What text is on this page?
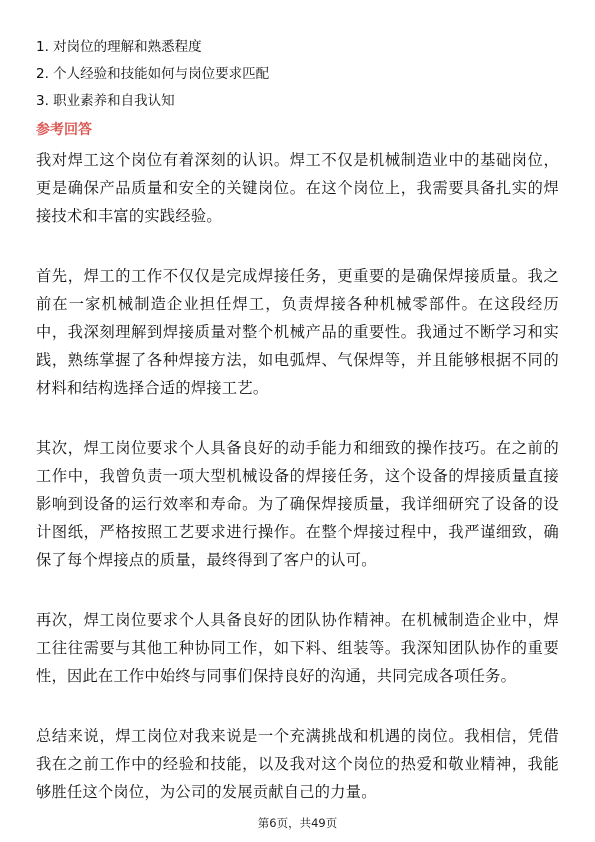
1. 对岗位的理解和熟悉程度
2. 个人经验和技能如何与岗位要求匹配
3. 职业素养和自我认知
参考回答

我对焊工这个岗位有着深刻的认识。焊工不仅是机械制造业中的基础岗位，更是确保产品质量和安全的关键岗位。在这个岗位上，我需要具备扎实的焊接技术和丰富的实践经验。

首先，焊工的工作不仅仅是完成焊接任务，更重要的是确保焊接质量。我之前在一家机械制造企业担任焊工，负责焊接各种机械零部件。在这段经历中，我深刻理解到焊接质量对整个机械产品的重要性。我通过不断学习和实践，熟练掌握了各种焊接方法，如电弧焊、气保焊等，并且能够根据不同的材料和结构选择合适的焊接工艺。

其次，焊工岗位要求个人具备良好的动手能力和细致的操作技巧。在之前的工作中，我曾负责一项大型机械设备的焊接任务，这个设备的焊接质量直接影响到设备的运行效率和寿命。为了确保焊接质量，我详细研究了设备的设计图纸，严格按照工艺要求进行操作。在整个焊接过程中，我严谨细致，确保了每个焊接点的质量，最终得到了客户的认可。

再次，焊工岗位要求个人具备良好的团队协作精神。在机械制造企业中，焊工往往需要与其他工种协同工作，如下料、组装等。我深知团队协作的重要性，因此在工作中始终与同事们保持良好的沟通，共同完成各项任务。

总结来说，焊工岗位对我来说是一个充满挑战和机遇的岗位。我相信，凭借我在之前工作中的经验和技能，以及我对这个岗位的热爱和敬业精神，我能够胜任这个岗位，为公司的发展贡献自己的力量。

第6页，共49页
